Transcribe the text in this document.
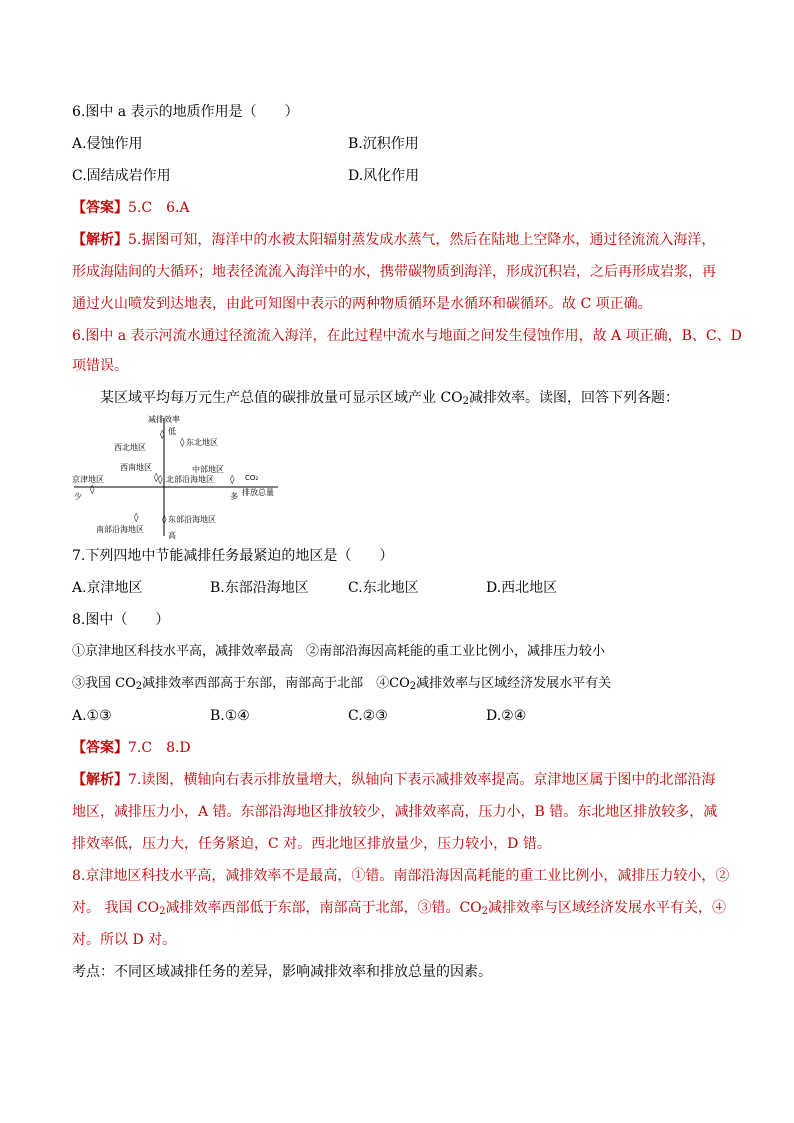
6.图中 a 表示的地质作用是（　　）
A.侵蚀作用	B.沉积作用
C.固结成岩作用	D.风化作用
【答案】5.C　6.A
【解析】5.据图可知，海洋中的水被太阳辐射蒸发成水蒸气，然后在陆地上空降水，通过径流流入海洋，
形成海陆间的大循环；地表径流流入海洋中的水，携带碳物质到海洋，形成沉积岩，之后再形成岩浆，再
通过火山喷发到达地表，由此可知图中表示的两种物质循环是水循环和碳循环。故 C 项正确。
6.图中 a 表示河流水通过径流流入海洋，在此过程中流水与地面之间发生侵蚀作用，故 A 项正确，B、C、D
项错误。
某区域平均每万元生产总值的碳排放量可显示区域产业 $CO_2$减排效率。读图，回答下列各题：
减排效率
低
高
少	多
CO₂
排放总量
西北地区
◊
◊ 东北地区
西南地区
◊
中部地区
◊
京津地区
◊
◊ 北部沿海地区
南部沿海地区
◊	◊ 东部沿海地区
7.下列四地中节能减排任务最紧迫的地区是（　　）
A.京津地区	B.东部沿海地区	C.东北地区	D.西北地区
8.图中（　　）
①京津地区科技水平高，减排效率最高　②南部沿海因高耗能的重工业比例小，减排压力较小
③我国 $CO_2$减排效率西部高于东部，南部高于北部　$④CO_2$减排效率与区域经济发展水平有关
A.①③	B.①④	C.②③	D.②④
【答案】7.C　8.D
【解析】7.读图，横轴向右表示排放量增大，纵轴向下表示减排效率提高。京津地区属于图中的北部沿海
地区，减排压力小，A 错。东部沿海地区排放较少，减排效率高，压力小，B 错。东北地区排放较多，减
排效率低，压力大，任务紧迫，C 对。西北地区排放量少，压力较小，D 错。
8.京津地区科技水平高，减排效率不是最高，①错。南部沿海因高耗能的重工业比例小，减排压力较小，②
对。 我国 $CO_2$减排效率西部低于东部，南部高于北部，③错。$CO_2$减排效率与区域经济发展水平有关，④
对。所以 D 对。
考点：不同区域减排任务的差异，影响减排效率和排放总量的因素。
